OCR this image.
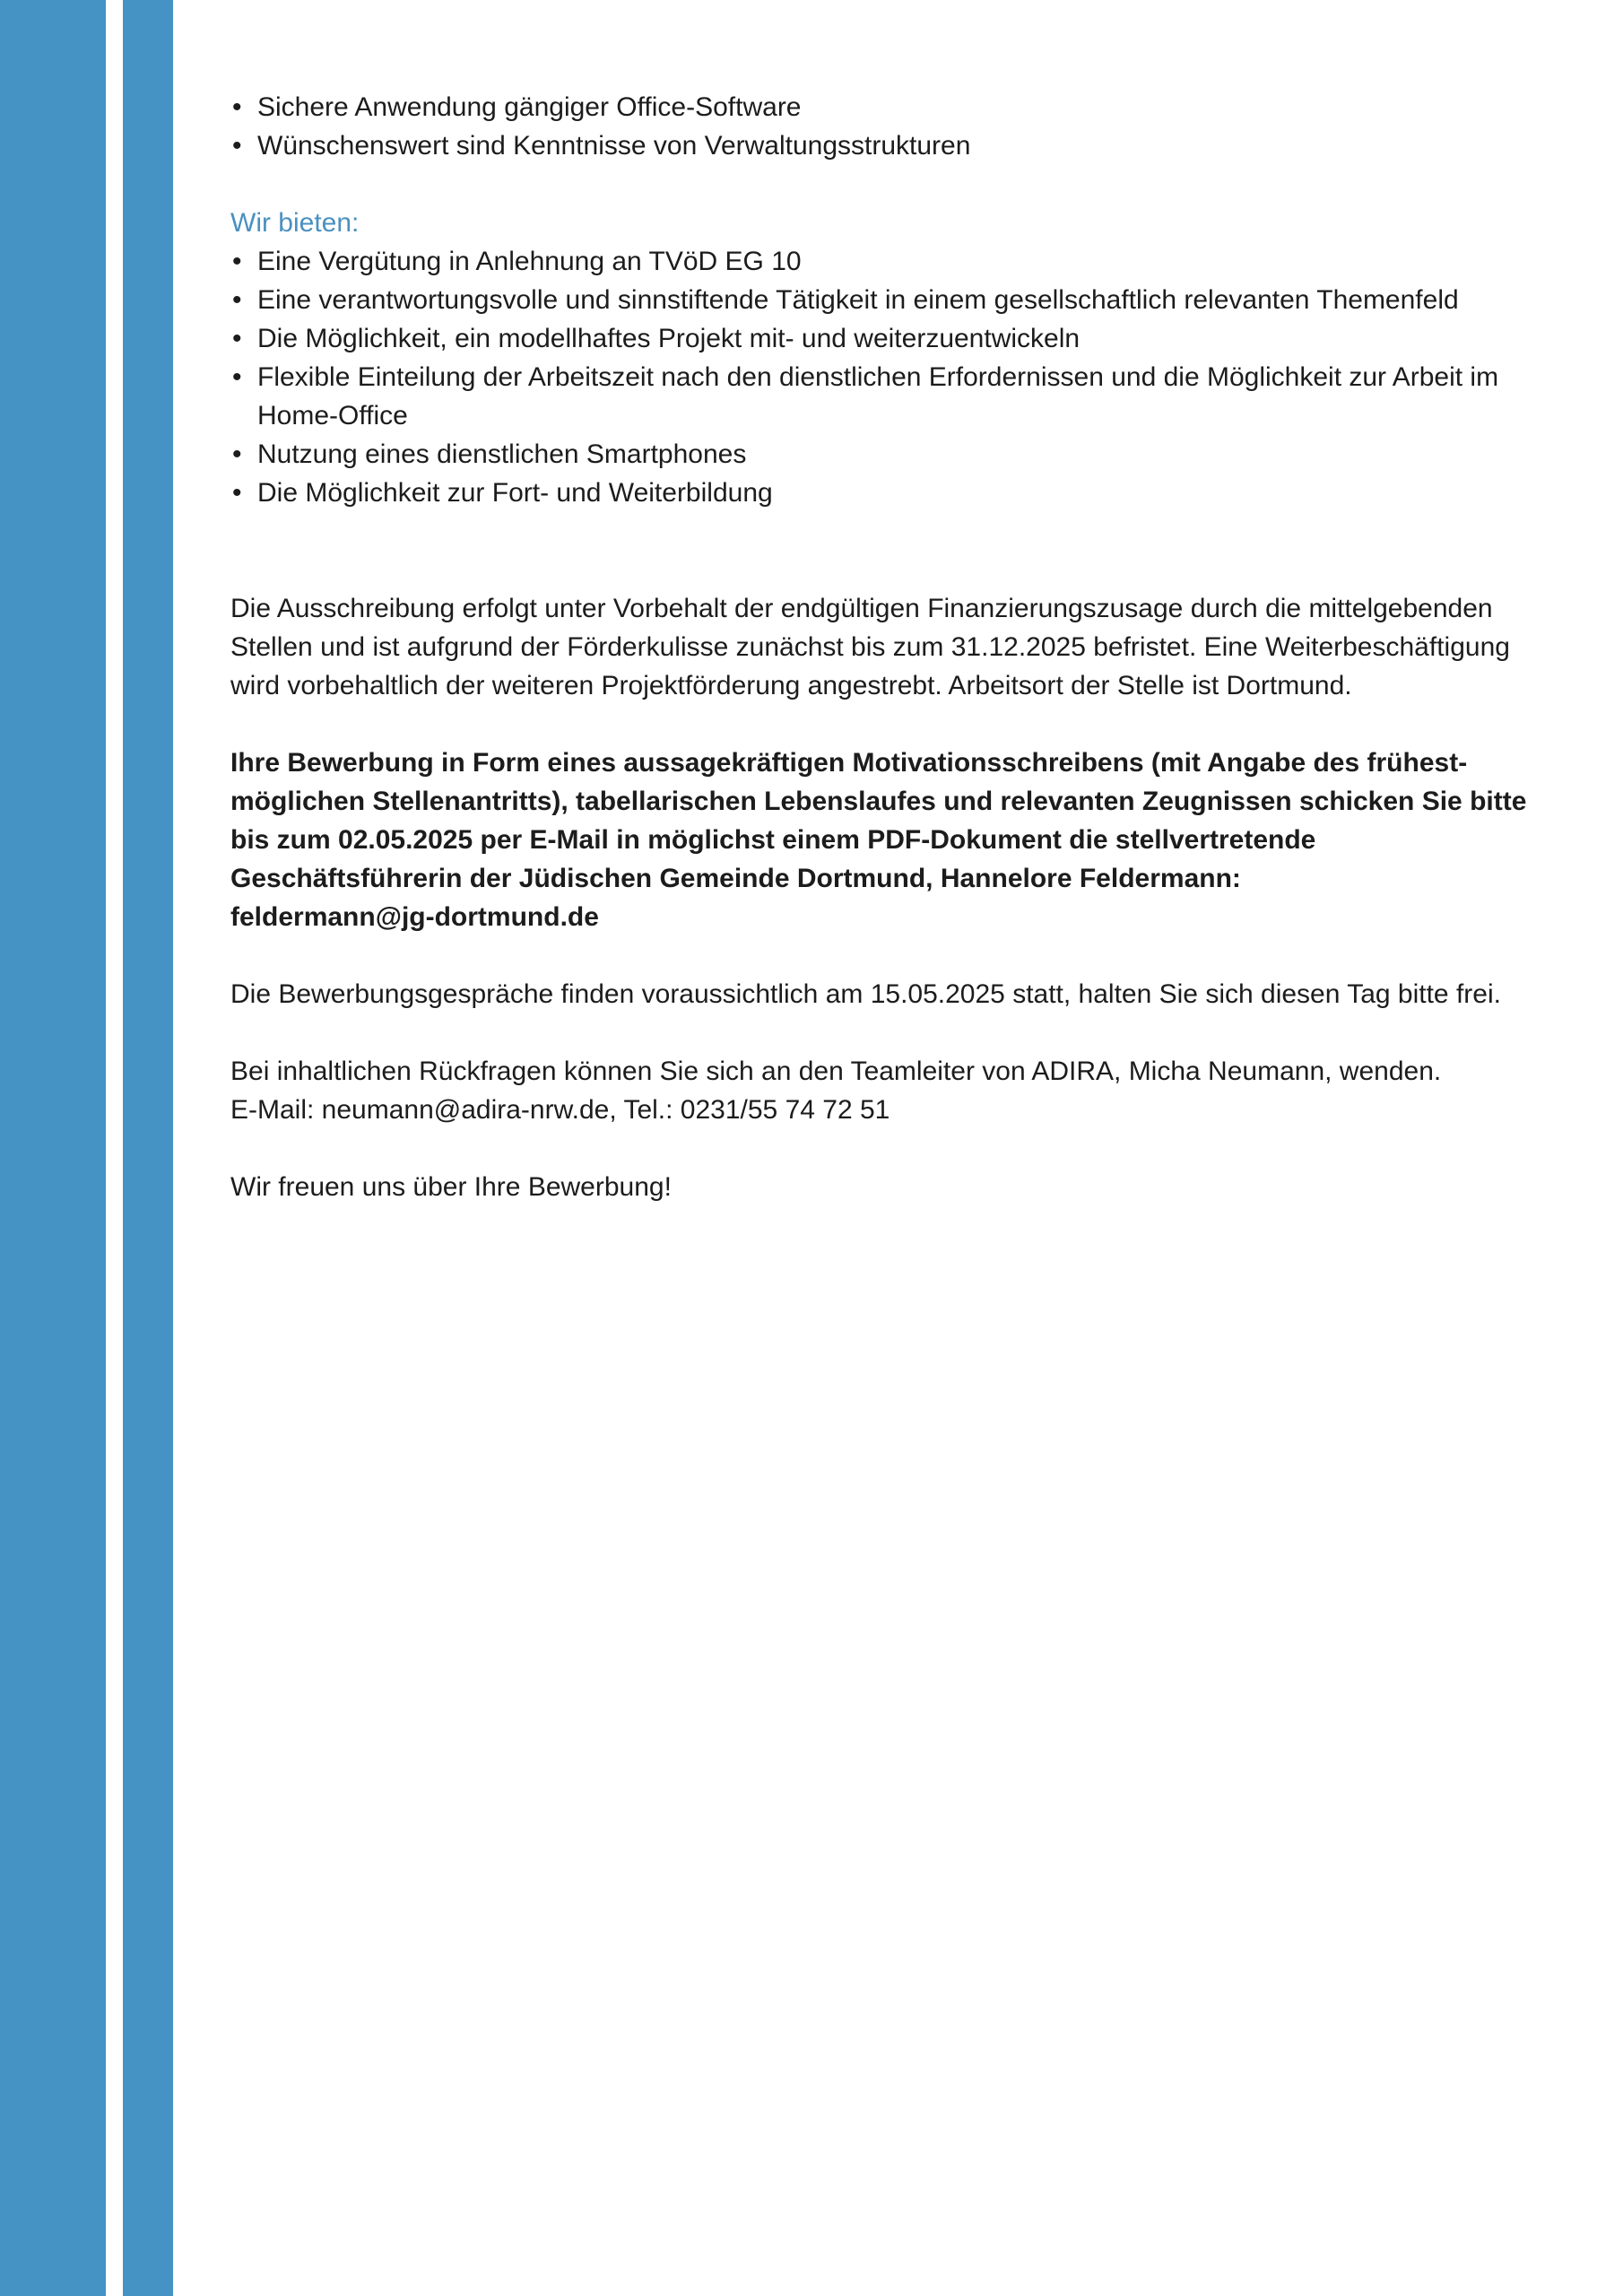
• Sichere Anwendung gängiger Office-Software
• Wünschenswert sind Kenntnisse von Verwaltungsstrukturen
Wir bieten:
• Eine Vergütung in Anlehnung an TVöD EG 10
• Eine verantwortungsvolle und sinnstiftende Tätigkeit in einem gesellschaftlich relevanten Themenfeld
• Die Möglichkeit, ein modellhaftes Projekt mit- und weiterzuentwickeln
• Flexible Einteilung der Arbeitszeit nach den dienstlichen Erfordernissen und die Möglichkeit zur Arbeit im Home-Office
• Nutzung eines dienstlichen Smartphones
• Die Möglichkeit zur Fort- und Weiterbildung

Die Ausschreibung erfolgt unter Vorbehalt der endgültigen Finanzierungszusage durch die mittelgebenden Stellen und ist aufgrund der Förderkulisse zunächst bis zum 31.12.2025 befristet. Eine Weiterbeschäftigung wird vorbehaltlich der weiteren Projektförderung angestrebt. Arbeitsort der Stelle ist Dortmund.

Ihre Bewerbung in Form eines aussagekräftigen Motivationsschreibens (mit Angabe des frühestmöglichen Stellenantritts), tabellarischen Lebenslaufes und relevanten Zeugnissen schicken Sie bitte bis zum 02.05.2025 per E-Mail in möglichst einem PDF-Dokument die stellvertretende Geschäftsführerin der Jüdischen Gemeinde Dortmund, Hannelore Feldermann:
feldermann@jg-dortmund.de

Die Bewerbungsgespräche finden voraussichtlich am 15.05.2025 statt, halten Sie sich diesen Tag bitte frei.

Bei inhaltlichen Rückfragen können Sie sich an den Teamleiter von ADIRA, Micha Neumann, wenden.
E-Mail: neumann@adira-nrw.de, Tel.: 0231/55 74 72 51

Wir freuen uns über Ihre Bewerbung!
